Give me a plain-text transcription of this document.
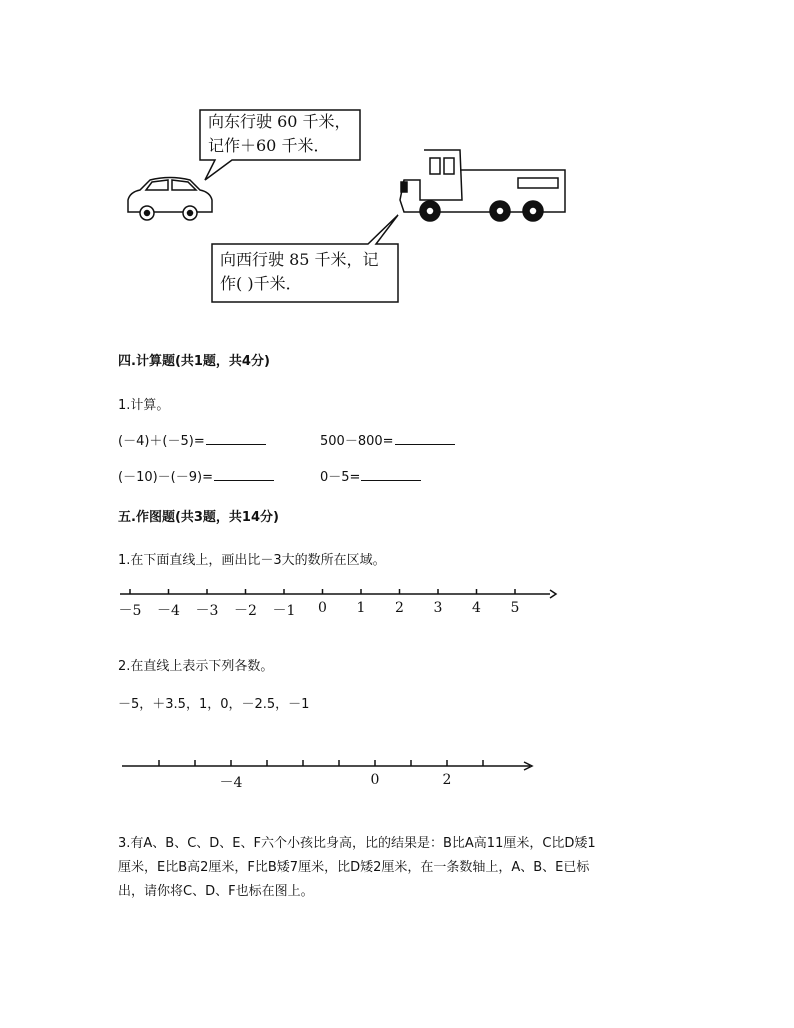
向东行驶 60 千米，
记作＋60 千米．
向西行驶 85 千米，记
作( )千米．
四.计算题(共1题，共4分)
1.计算。
(－4)＋(－5)=	500－800=
(－10)－(－9)=	0－5=
五.作图题(共3题，共14分)
1.在下面直线上，画出比－3大的数所在区域。
－5 －4 －3 －2 －1	0	1	2	3	4	5
2.在直线上表示下列各数。
－5，＋3.5，1，0，－2.5，－1
－4	0	2
3.有A、B、C、D、E、F六个小孩比身高，比的结果是：B比A高11厘米，C比D矮1
厘米，E比B高2厘米，F比B矮7厘米，比D矮2厘米，在一条数轴上，A、B、E已标
出，请你将C、D、F也标在图上。
